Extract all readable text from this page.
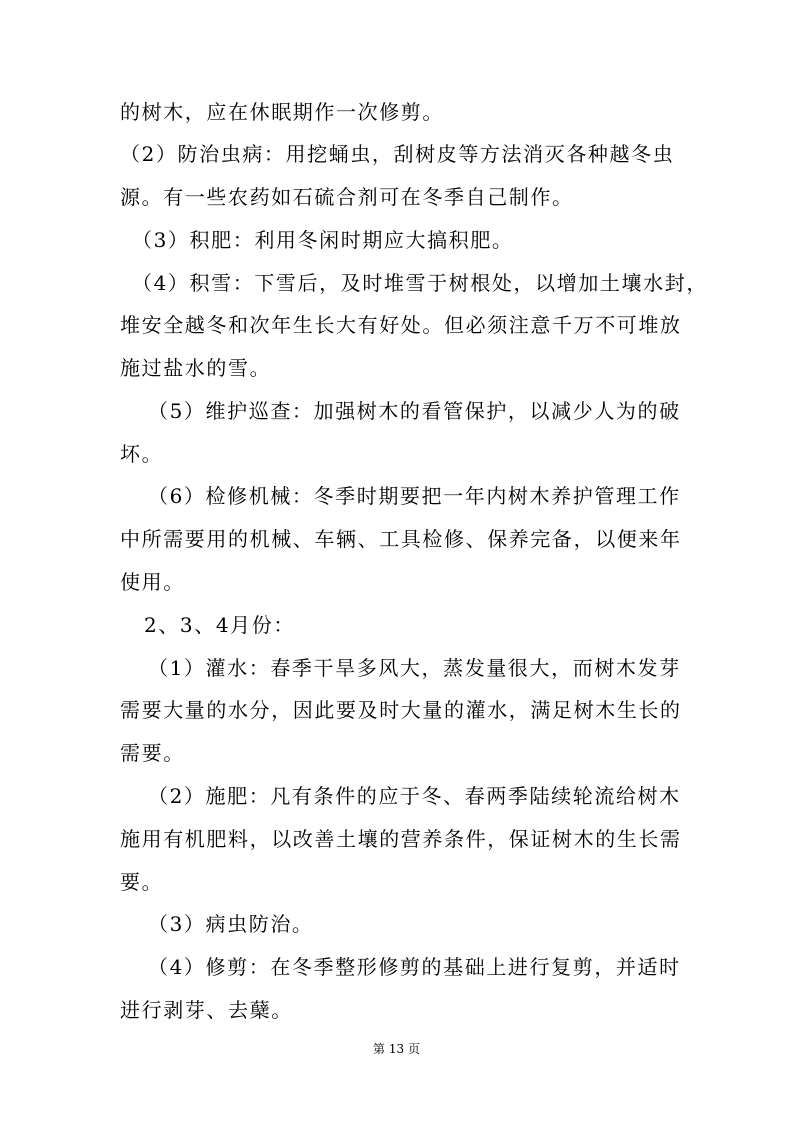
的树木，应在休眠期作一次修剪。
（2）防治虫病：用挖蛹虫，刮树皮等方法消灭各种越冬虫
源。有一些农药如石硫合剂可在冬季自己制作。
（3）积肥：利用冬闲时期应大搞积肥。
（4）积雪：下雪后，及时堆雪于树根处，以增加土壤水封，
堆安全越冬和次年生长大有好处。但必须注意千万不可堆放
施过盐水的雪。
（5）维护巡查：加强树木的看管保护，以减少人为的破
坏。
（6）检修机械：冬季时期要把一年内树木养护管理工作
中所需要用的机械、车辆、工具检修、保养完备，以便来年
使用。
2、3、4月份：
（1）灌水：春季干旱多风大，蒸发量很大，而树木发芽
需要大量的水分，因此要及时大量的灌水，满足树木生长的
需要。
（2）施肥：凡有条件的应于冬、春两季陆续轮流给树木
施用有机肥料，以改善土壤的营养条件，保证树木的生长需
要。
（3）病虫防治。
（4）修剪：在冬季整形修剪的基础上进行复剪，并适时
进行剥芽、去蘖。
第 13 页
